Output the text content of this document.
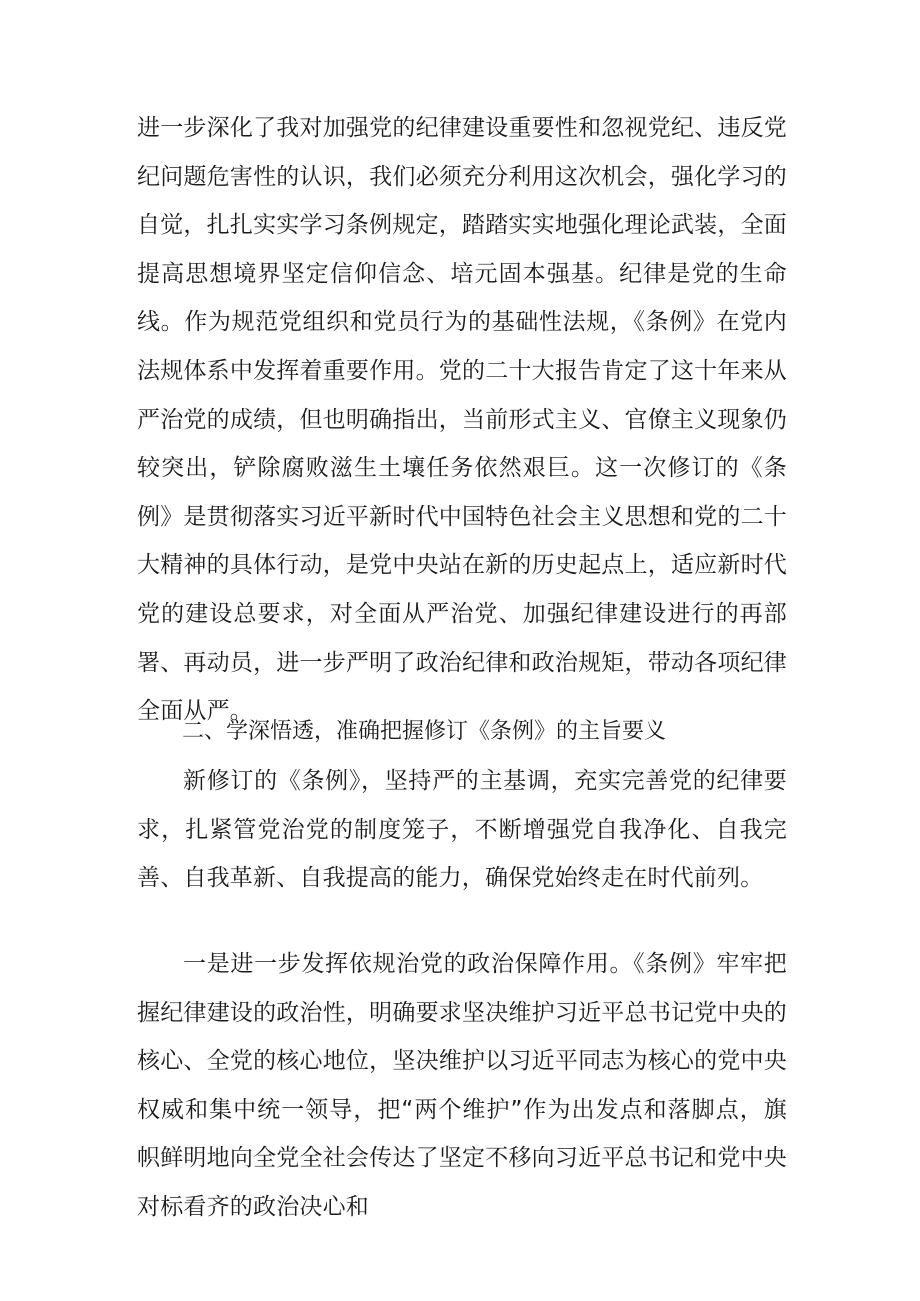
进一步深化了我对加强党的纪律建设重要性和忽视党纪、违反党纪问题危害性的认识，我们必须充分利用这次机会，强化学习的自觉，扎扎实实学习条例规定，踏踏实实地强化理论武装，全面提高思想境界坚定信仰信念、培元固本强基。纪律是党的生命线。作为规范党组织和党员行为的基础性法规，《条例》在党内法规体系中发挥着重要作用。党的二十大报告肯定了这十年来从严治党的成绩，但也明确指出，当前形式主义、官僚主义现象仍较突出，铲除腐败滋生土壤任务依然艰巨。这一次修订的《条例》是贯彻落实习近平新时代中国特色社会主义思想和党的二十大精神的具体行动，是党中央站在新的历史起点上，适应新时代党的建设总要求，对全面从严治党、加强纪律建设进行的再部署、再动员，进一步严明了政治纪律和政治规矩，带动各项纪律全面从严。

二、学深悟透，准确把握修订《条例》的主旨要义

新修订的《条例》，坚持严的主基调，充实完善党的纪律要求，扎紧管党治党的制度笼子，不断增强党自我净化、自我完善、自我革新、自我提高的能力，确保党始终走在时代前列。

一是进一步发挥依规治党的政治保障作用。《条例》牢牢把握纪律建设的政治性，明确要求坚决维护习近平总书记党中央的核心、全党的核心地位，坚决维护以习近平同志为核心的党中央权威和集中统一领导，把“两个维护”作为出发点和落脚点，旗帜鲜明地向全党全社会传达了坚定不移向习近平总书记和党中央对标看齐的政治决心和
